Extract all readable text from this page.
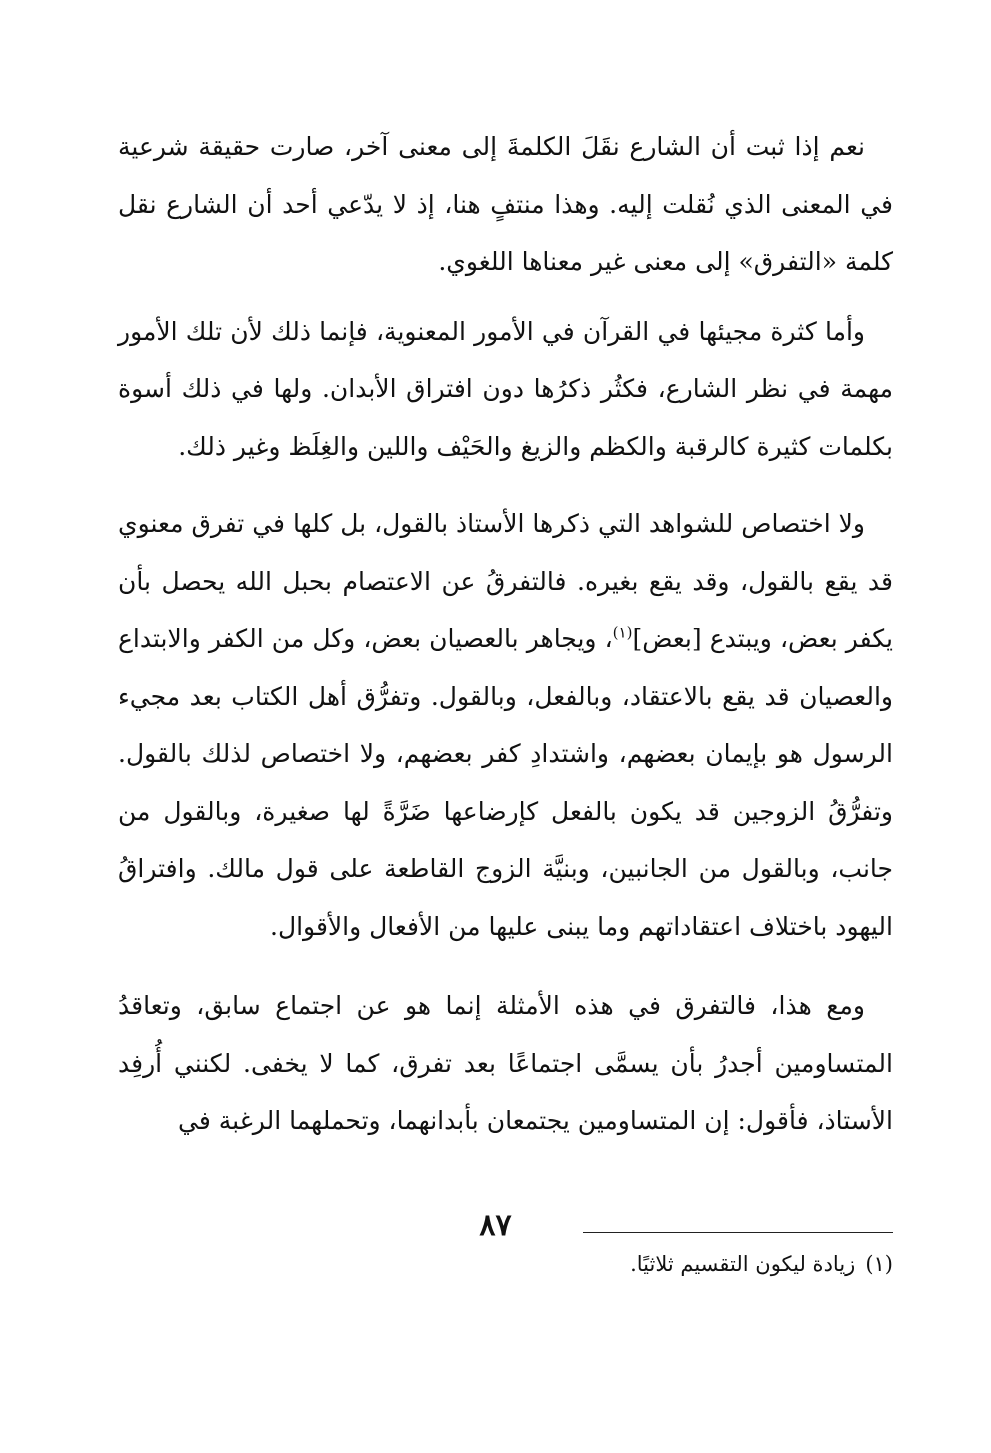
نعم إذا ثبت أن الشارع نقَلَ الكلمةَ إلى معنى آخر، صارت حقيقة شرعية في المعنى الذي نُقلت إليه. وهذا منتفٍ هنا، إذ لا يدّعي أحد أن الشارع نقل كلمة «التفرق» إلى معنى غير معناها اللغوي.

وأما كثرة مجيئها في القرآن في الأمور المعنوية، فإنما ذلك لأن تلك الأمور مهمة في نظر الشارع، فكثُر ذكرُها دون افتراق الأبدان. ولها في ذلك أسوة بكلمات كثيرة كالرقبة والكظم والزيغ والحَيْف واللين والغِلَظ وغير ذلك.

ولا اختصاص للشواهد التي ذكرها الأستاذ بالقول، بل كلها في تفرق معنوي قد يقع بالقول، وقد يقع بغيره. فالتفرقُ عن الاعتصام بحبل الله يحصل بأن يكفر بعض، ويبتدع [بعض]$^{(١)}$، ويجاهر بالعصيان بعض، وكل من الكفر والابتداع والعصيان قد يقع بالاعتقاد، وبالفعل، وبالقول. وتفرُّق أهل الكتاب بعد مجيء الرسول هو بإيمان بعضهم، واشتدادِ كفر بعضهم، ولا اختصاص لذلك بالقول. وتفرُّقُ الزوجين قد يكون بالفعل كإرضاعها ضَرَّةً لها صغيرة، وبالقول من جانب، وبالقول من الجانبين، وبنيَّة الزوج القاطعة على قول مالك. وافتراقُ اليهود باختلاف اعتقاداتهم وما يبنى عليها من الأفعال والأقوال.

ومع هذا، فالتفرق في هذه الأمثلة إنما هو عن اجتماع سابق، وتعاقدُ المتساومين أجدرُ بأن يسمَّى اجتماعًا بعد تفرق، كما لا يخفى. لكنني أُرفِد الأستاذ، فأقول: إن المتساومين يجتمعان بأبدانهما، وتحملهما الرغبة في

(١)زيادة ليكون التقسيم ثلاثيًا.
٨٧
